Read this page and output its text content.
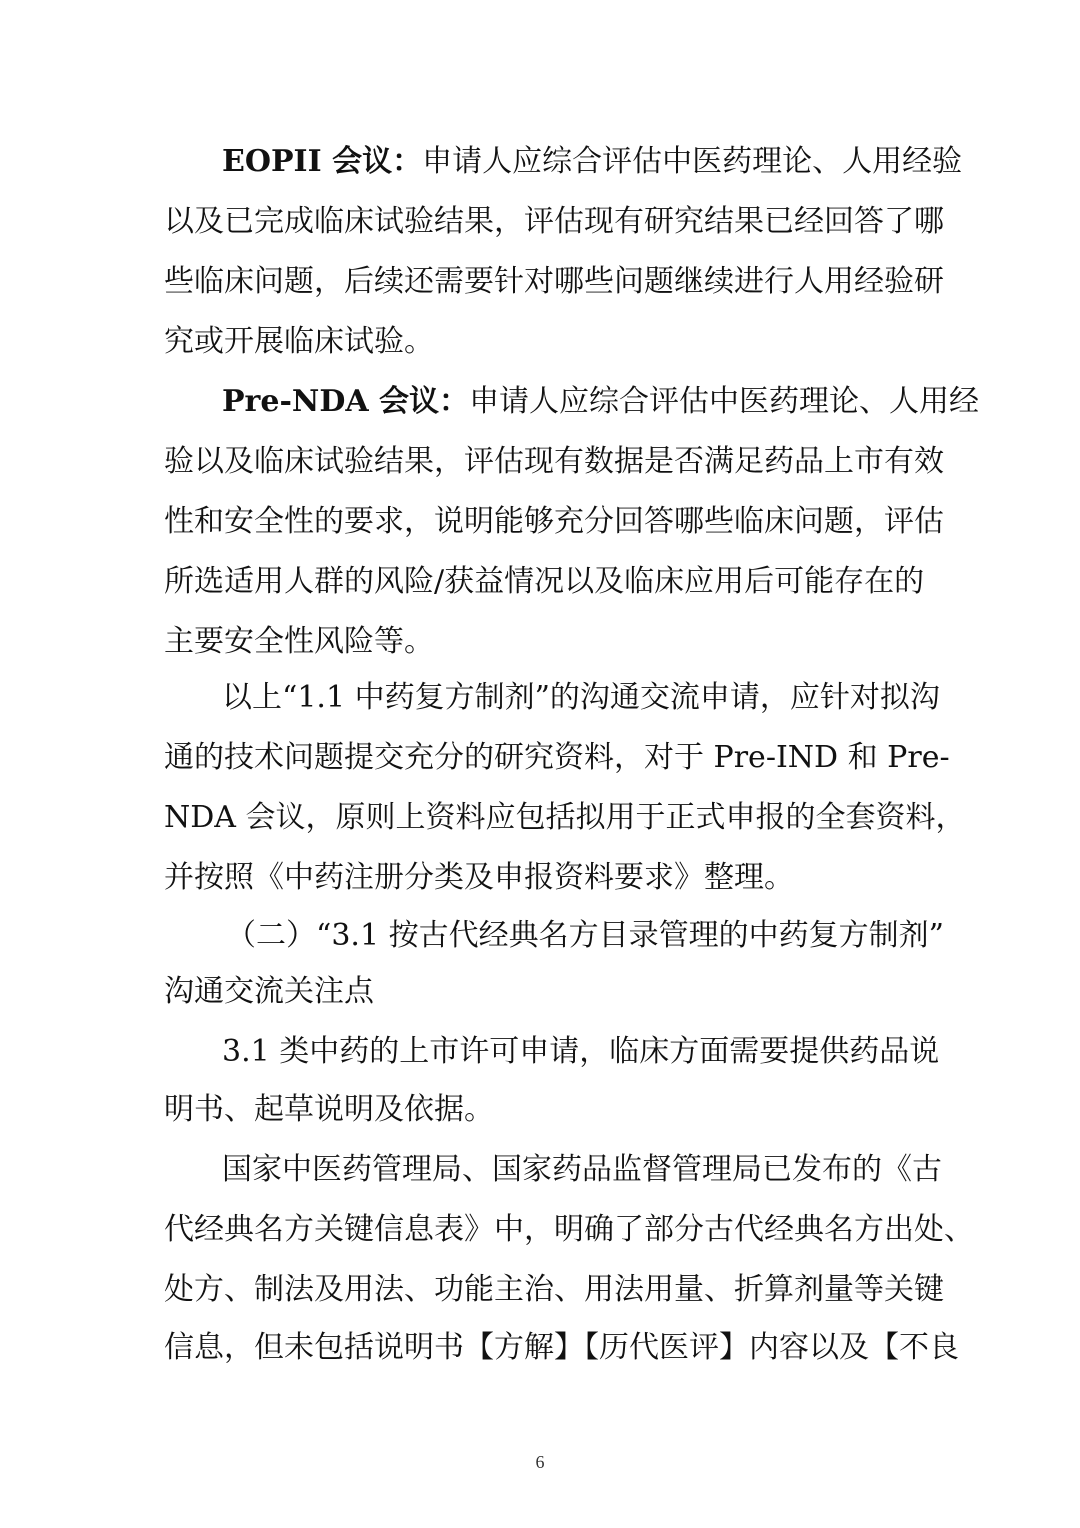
EOPII 会议：申请人应综合评估中医药理论、人用经验
以及已完成临床试验结果，评估现有研究结果已经回答了哪
些临床问题，后续还需要针对哪些问题继续进行人用经验研
究或开展临床试验。
Pre-NDA 会议：申请人应综合评估中医药理论、人用经
验以及临床试验结果，评估现有数据是否满足药品上市有效
性和安全性的要求，说明能够充分回答哪些临床问题，评估
所选适用人群的风险/获益情况以及临床应用后可能存在的
主要安全性风险等。
以上“1.1 中药复方制剂”的沟通交流申请，应针对拟沟
通的技术问题提交充分的研究资料，对于 Pre-IND 和 Pre-
NDA 会议，原则上资料应包括拟用于正式申报的全套资料，
并按照《中药注册分类及申报资料要求》整理。
（二）“3.1 按古代经典名方目录管理的中药复方制剂”
沟通交流关注点
3.1 类中药的上市许可申请，临床方面需要提供药品说
明书、起草说明及依据。
国家中医药管理局、国家药品监督管理局已发布的《古
代经典名方关键信息表》中，明确了部分古代经典名方出处、
处方、制法及用法、功能主治、用法用量、折算剂量等关键
信息，但未包括说明书【方解】【历代医评】内容以及【不良
6
